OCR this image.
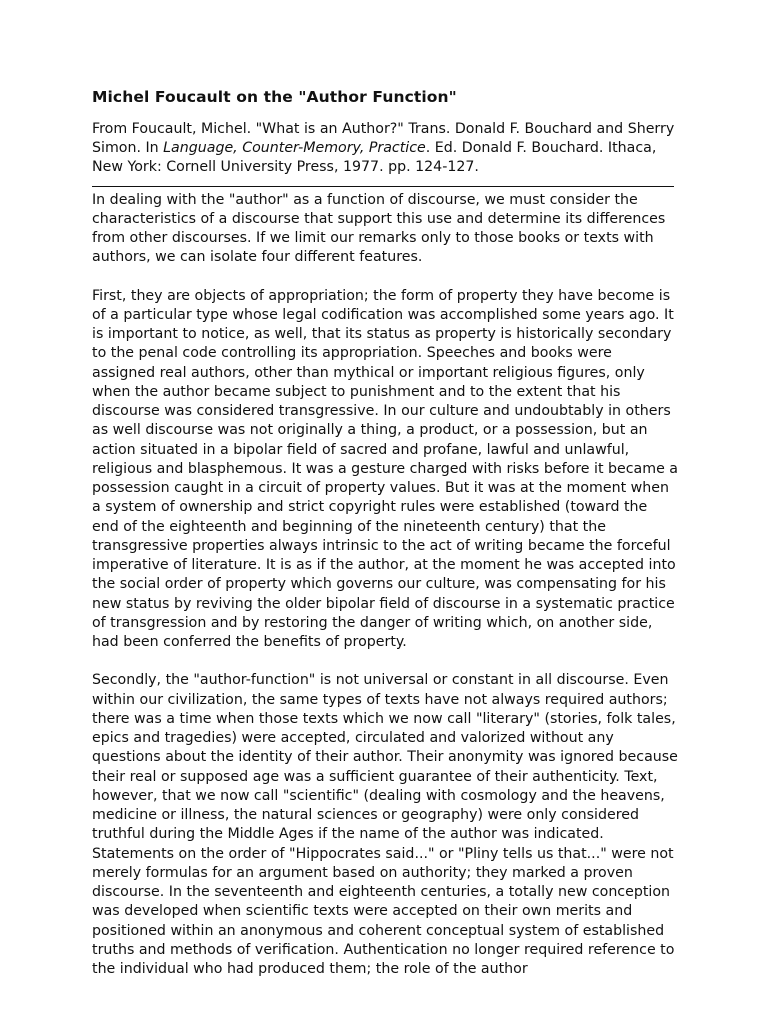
Michel Foucault on the "Author Function"

From Foucault, Michel. "What is an Author?" Trans. Donald F. Bouchard and Sherry Simon. In Language, Counter-Memory, Practice. Ed. Donald F. Bouchard. Ithaca, New York: Cornell University Press, 1977. pp. 124-127.

In dealing with the "author" as a function of discourse, we must consider the characteristics of a discourse that support this use and determine its differences from other discourses. If we limit our remarks only to those books or texts with authors, we can isolate four different features.

First, they are objects of appropriation; the form of property they have become is of a particular type whose legal codification was accomplished some years ago. It is important to notice, as well, that its status as property is historically secondary to the penal code controlling its appropriation. Speeches and books were assigned real authors, other than mythical or important religious figures, only when the author became subject to punishment and to the extent that his discourse was considered transgressive. In our culture and undoubtably in others as well discourse was not originally a thing, a product, or a possession, but an action situated in a bipolar field of sacred and profane, lawful and unlawful, religious and blasphemous. It was a gesture charged with risks before it became a possession caught in a circuit of property values. But it was at the moment when a system of ownership and strict copyright rules were established (toward the end of the eighteenth and beginning of the nineteenth century) that the transgressive properties always intrinsic to the act of writing became the forceful imperative of literature. It is as if the author, at the moment he was accepted into the social order of property which governs our culture, was compensating for his new status by reviving the older bipolar field of discourse in a systematic practice of transgression and by restoring the danger of writing which, on another side, had been conferred the benefits of property.

Secondly, the "author-function" is not universal or constant in all discourse. Even within our civilization, the same types of texts have not always required authors; there was a time when those texts which we now call "literary" (stories, folk tales, epics and tragedies) were accepted, circulated and valorized without any questions about the identity of their author. Their anonymity was ignored because their real or supposed age was a sufficient guarantee of their authenticity. Text, however, that we now call "scientific" (dealing with cosmology and the heavens, medicine or illness, the natural sciences or geography) were only considered truthful during the Middle Ages if the name of the author was indicated. Statements on the order of "Hippocrates said..." or "Pliny tells us that..." were not merely formulas for an argument based on authority; they marked a proven discourse. In the seventeenth and eighteenth centuries, a totally new conception was developed when scientific texts were accepted on their own merits and positioned within an anonymous and coherent conceptual system of established truths and methods of verification. Authentication no longer required reference to the individual who had produced them; the role of the author
